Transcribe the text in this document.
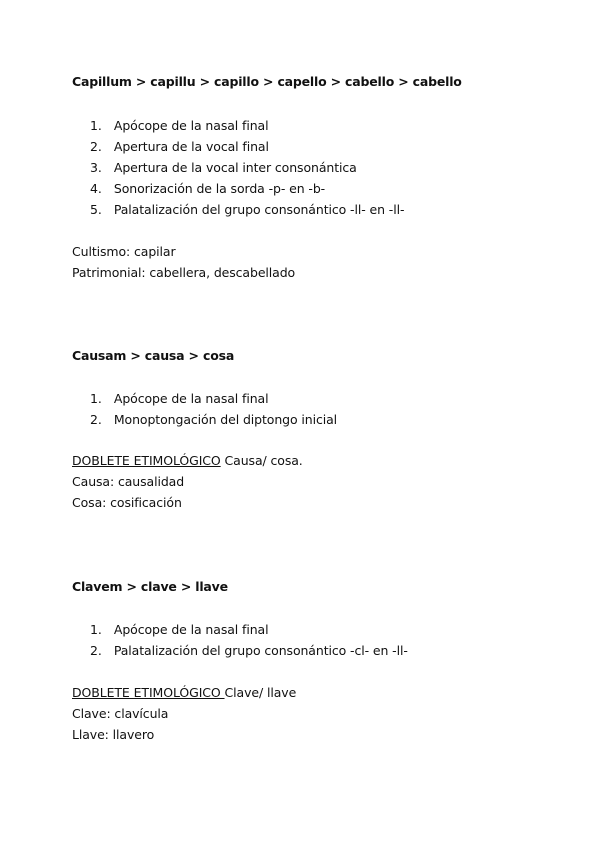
Capillum > capillu > capillo > capello > cabello > cabello
1. Apócope de la nasal final
2. Apertura de la vocal final
3. Apertura de la vocal inter consonántica
4. Sonorización de la sorda -p- en -b-
5. Palatalización del grupo consonántico -ll- en -ll-
Cultismo: capilar
Patrimonial: cabellera, descabellado
Causam > causa > cosa
1. Apócope de la nasal final
2. Monoptongación del diptongo inicial
DOBLETE ETIMOLÓGICO Causa/ cosa.
Causa: causalidad
Cosa: cosificación
Clavem > clave > llave
1. Apócope de la nasal final
2. Palatalización del grupo consonántico -cl- en -ll-
DOBLETE ETIMOLÓGICO Clave/ llave
Clave: clavícula
Llave: llavero
